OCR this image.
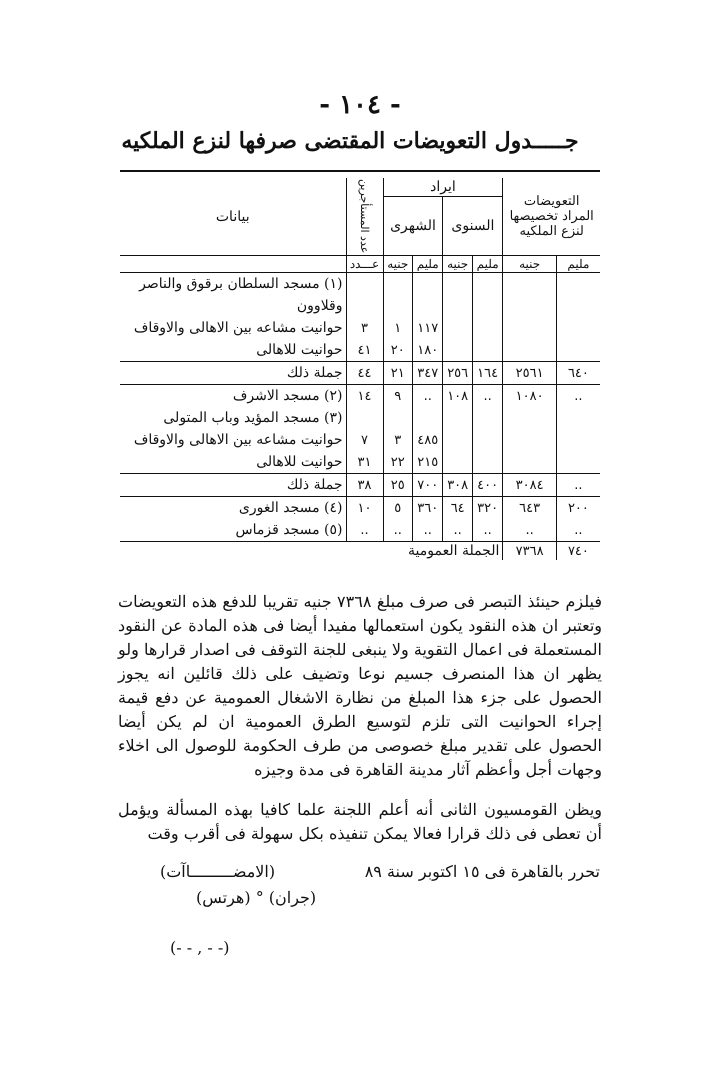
- ١٠٤ -
جـــــدول التعويضات المقتضى صرفها لنزع الملكيه
التعويضات المراد تخصيصها لنزع الملكيه		ايراد				عدد المستأجرين	بيانات
		السنوى		الشهرى			
مليم	جنيه	مليم	جنيه	مليم	جنيه	عـــدد	
							(١) مسجد السلطان برقوق والناصر
							وقلاوون
				١١٧	١	٣	حوانيت مشاعه بين الاهالى والاوقاف
				١٨٠	٢٠	٤١	حوانيت للاهالى
٦٤٠	٢٥٦١	١٦٤	٢٥٦	٣٤٧	٢١	٤٤	جملة ذلك
..	١٠٨٠	..	١٠٨	..	٩	١٤	(٢) مسجد الاشرف
							(٣) مسجد المؤيد وباب المتولى
				٤٨٥	٣	٧	حوانيت مشاعه بين الاهالى والاوقاف
				٢١٥	٢٢	٣١	حوانيت للاهالى
..	٣٠٨٤	٤٠٠	٣٠٨	٧٠٠	٢٥	٣٨	جملة ذلك
٢٠٠	٦٤٣	٣٢٠	٦٤	٣٦٠	٥	١٠	(٤) مسجد الغورى
..	..	..	..	..	..	..	(٥) مسجد قزماس
٧٤٠	٧٣٦٨	الجملة العمومية					
فيلزم حينئذ التبصر فى صرف مبلغ ٧٣٦٨ جنيه تقريبا للدفع هذه التعويضات وتعتبر ان هذه النقود يكون استعمالها مفيدا أيضا فى هذه المادة عن النقود المستعملة فى اعمال التقوية ولا ينبغى للجنة التوقف فى اصدار قرارها ولو يظهر ان هذا المنصرف جسيم نوعا وتضيف على ذلك قائلين انه يجوز الحصول على جزء هذا المبلغ من نظارة الاشغال العمومية عن دفع قيمة إجراء الحوانيت التى تلزم لتوسيع الطرق العمومية ان لم يكن أيضا الحصول على تقدير مبلغ خصوصى من طرف الحكومة للوصول الى اخلاء وجهات أجل وأعظم آثار مدينة القاهرة فى مدة وجيزه
ويظن القومسيون الثانى أنه أعلم اللجنة علما كافيا بهذه المسألة ويؤمل أن تعطى فى ذلك قرارا فعالا يمكن تنفيذه بكل سهولة فى أقرب وقت
تحرر بالقاهرة فى ١٥ اكتوبر سنة ٨٩
(الامضـــــــــاآت)
(جران) ° (هرتس)
(- - , - -)
